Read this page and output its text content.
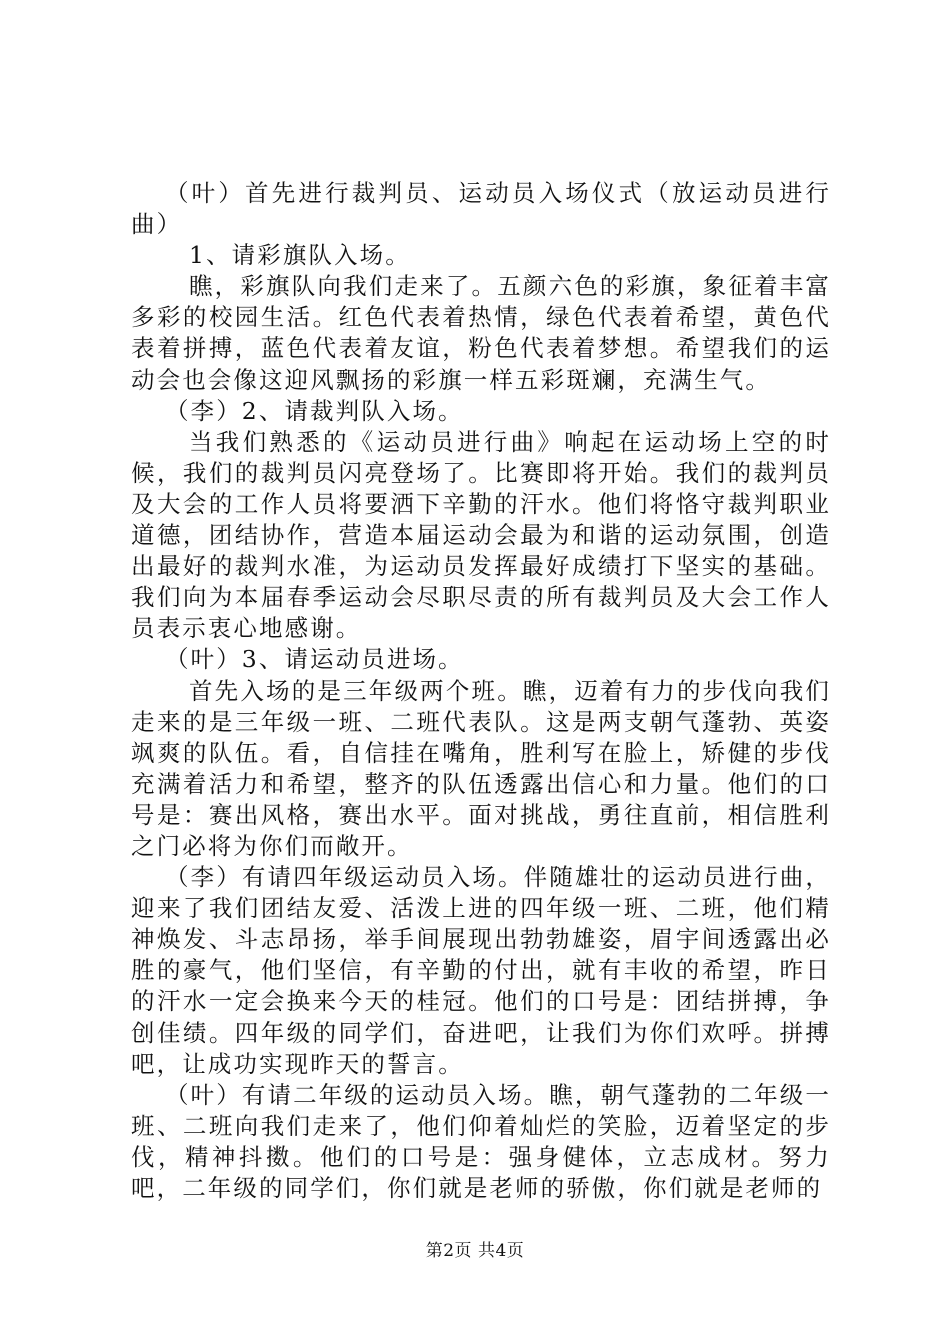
（叶）首先进行裁判员、运动员入场仪式（放运动员进行曲）

1、请彩旗队入场。

瞧，彩旗队向我们走来了。五颜六色的彩旗，象征着丰富多彩的校园生活。红色代表着热情，绿色代表着希望，黄色代表着拼搏，蓝色代表着友谊，粉色代表着梦想。希望我们的运动会也会像这迎风飘扬的彩旗一样五彩斑斓，充满生气。

（李）2、请裁判队入场。

当我们熟悉的《运动员进行曲》响起在运动场上空的时候，我们的裁判员闪亮登场了。比赛即将开始。我们的裁判员及大会的工作人员将要洒下辛勤的汗水。他们将恪守裁判职业道德，团结协作，营造本届运动会最为和谐的运动氛围，创造出最好的裁判水准，为运动员发挥最好成绩打下坚实的基础。我们向为本届春季运动会尽职尽责的所有裁判员及大会工作人员表示衷心地感谢。

（叶）3、请运动员进场。

首先入场的是三年级两个班。瞧，迈着有力的步伐向我们走来的是三年级一班、二班代表队。这是两支朝气蓬勃、英姿飒爽的队伍。看，自信挂在嘴角，胜利写在脸上，矫健的步伐充满着活力和希望，整齐的队伍透露出信心和力量。他们的口号是：赛出风格，赛出水平。面对挑战，勇往直前，相信胜利之门必将为你们而敞开。

（李）有请四年级运动员入场。伴随雄壮的运动员进行曲，迎来了我们团结友爱、活泼上进的四年级一班、二班，他们精神焕发、斗志昂扬，举手间展现出勃勃雄姿，眉宇间透露出必胜的豪气，他们坚信，有辛勤的付出，就有丰收的希望，昨日的汗水一定会换来今天的桂冠。他们的口号是：团结拼搏，争创佳绩。四年级的同学们，奋进吧，让我们为你们欢呼。拼搏吧，让成功实现昨天的誓言。

（叶）有请二年级的运动员入场。瞧，朝气蓬勃的二年级一班、二班向我们走来了，他们仰着灿烂的笑脸，迈着坚定的步伐，精神抖擞。他们的口号是：强身健体，立志成材。努力吧，二年级的同学们，你们就是老师的骄傲，你们就是老师的

第2页 共4页
